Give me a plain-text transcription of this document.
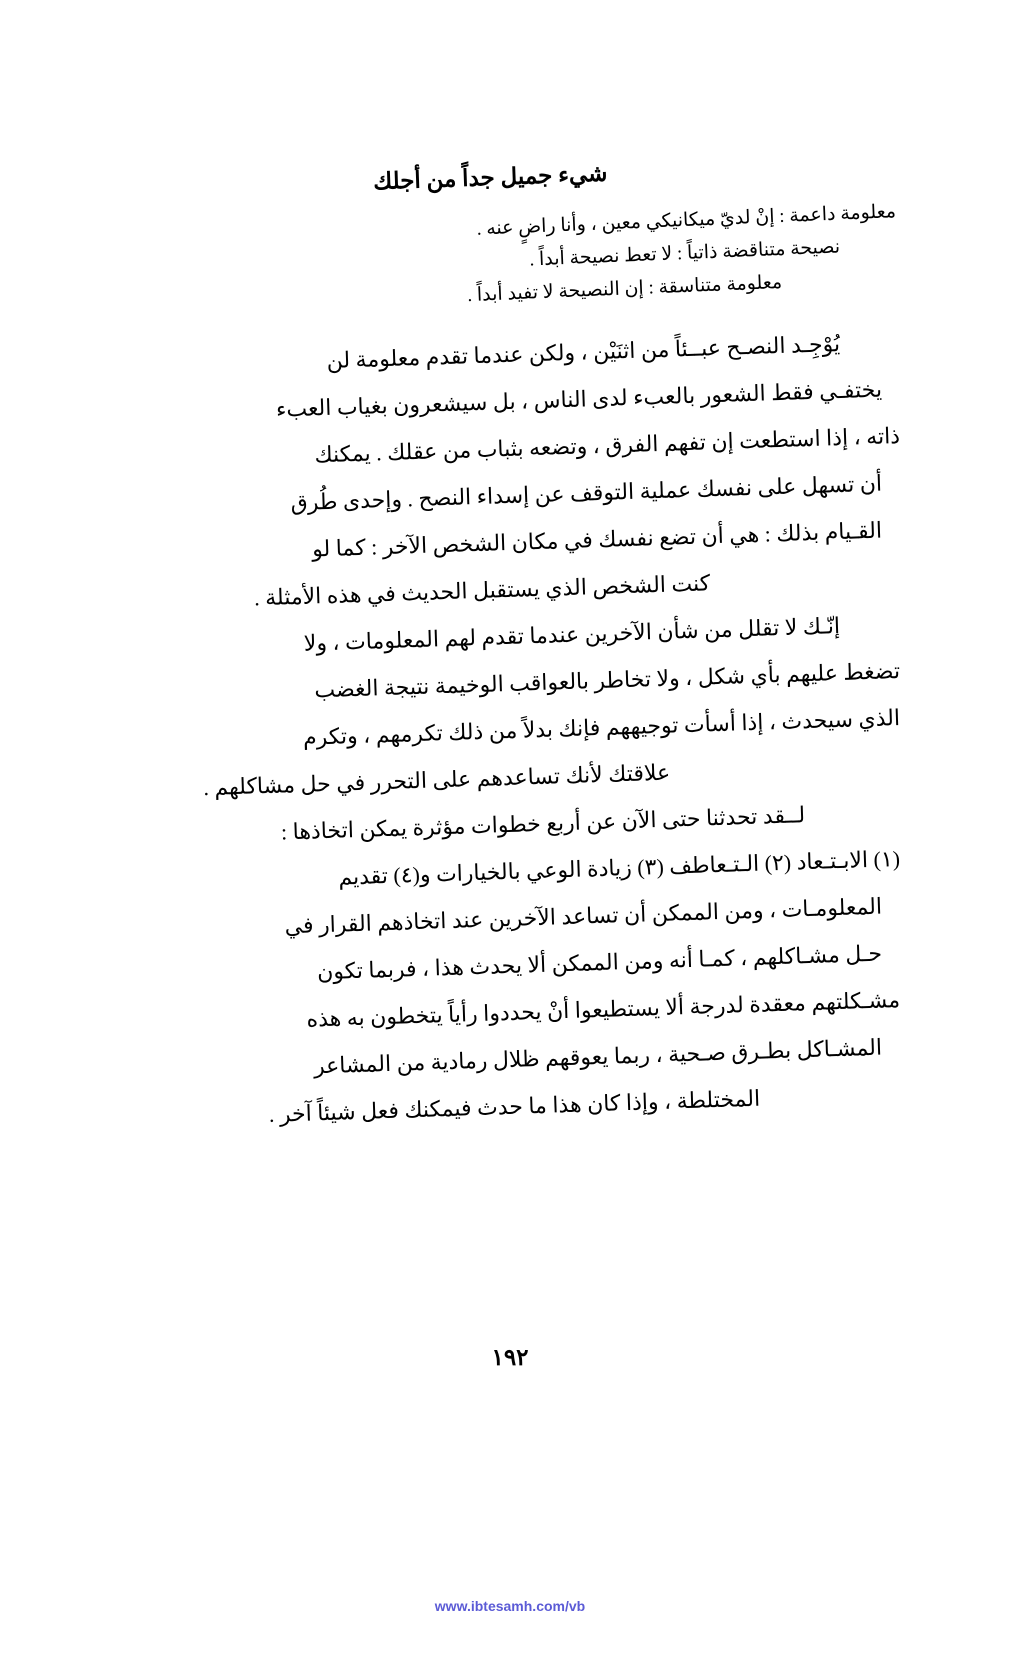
شيء جميل جداً من أجلك
معلومة داعمة : إنْ لديّ ميكانيكي معين ، وأنا راضٍ عنه .
نصيحة متناقضة ذاتياً : لا تعط نصيحة أبداً .
معلومة متناسقة : إن النصيحة لا تفيد أبداً .
يُوْجِـد النصـح عبــئاً من اثنَيْن ، ولكن عندما تقدم معلومة لن
يختفـي فقط الشعور بالعبء لدى الناس ، بل سيشعرون بغياب العبء
ذاته ، إذا استطعت إن تفهم الفرق ، وتضعه بثباب من عقلك . يمكنك
أن تسهل على نفسك عملية التوقف عن إسداء النصح . وإحدى طُرق
القـيام بذلك : هي أن تضع نفسك في مكان الشخص الآخر : كما لو
كنت الشخص الذي يستقبل الحديث في هذه الأمثلة .
إنّـك لا تقلل من شأن الآخرين عندما تقدم لهم المعلومات ، ولا
تضغط عليهم بأي شكل ، ولا تخاطر بالعواقب الوخيمة نتيجة الغضب
الذي سيحدث ، إذا أسأت توجيههم فإنك بدلاً من ذلك تكرمهم ، وتكرم
علاقتك لأنك تساعدهم على التحرر في حل مشاكلهم .
لــقد تحدثنا حتى الآن عن أربع خطوات مؤثرة يمكن اتخاذها :
(١) الابـتـعاد (٢) الـتـعاطف (٣) زيادة الوعي بالخيارات و(٤) تقديم
المعلومـات ، ومن الممكن أن تساعد الآخرين عند اتخاذهم القرار في
حـل مشـاكلهم ، كمـا أنه ومن الممكن ألا يحدث هذا ، فربما تكون
مشـكلتهم معقدة لدرجة ألا يستطيعوا أنْ يحددوا رأياً يتخطون به هذه
المشـاكل بطـرق صـحية ، ربما يعوقهم ظلال رمادية من المشاعر
المختلطة ، وإذا كان هذا ما حدث فيمكنك فعل شيئاً آخر .
١٩٢
www.ibtesamh.com/vb
